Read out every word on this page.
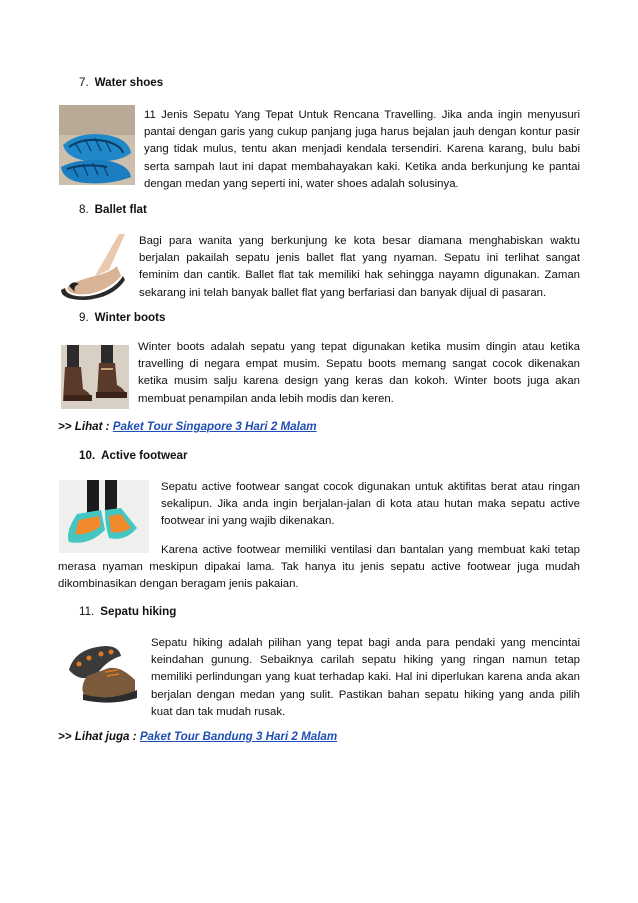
7. Water shoes
11 Jenis Sepatu Yang Tepat Untuk Rencana Travelling. Jika anda ingin menyusuri pantai dengan garis yang cukup panjang juga harus bejalan jauh dengan kontur pasir yang tidak mulus, tentu akan menjadi kendala tersendiri. Karena karang, bulu babi serta sampah laut ini dapat membahayakan kaki. Ketika anda berkunjung ke pantai dengan medan yang seperti ini, water shoes adalah solusinya.
8. Ballet flat
Bagi para wanita yang berkunjung ke kota besar diamana menghabiskan waktu berjalan pakailah sepatu jenis ballet flat yang nyaman. Sepatu ini terlihat sangat feminim dan cantik. Ballet flat tak memiliki hak sehingga nayamn digunakan. Zaman sekarang ini telah banyak ballet flat yang berfariasi dan banyak dijual di pasaran.
9. Winter boots
Winter boots adalah sepatu yang tepat digunakan ketika musim dingin atau ketika travelling di negara empat musim. Sepatu boots memang sangat cocok dikenakan ketika musim salju karena design yang keras dan kokoh. Winter boots juga akan membuat penampilan anda lebih modis dan keren.
>> Lihat : Paket Tour Singapore 3 Hari 2 Malam
10. Active footwear
Sepatu active footwear sangat cocok digunakan untuk aktifitas berat atau ringan sekalipun. Jika anda ingin berjalan-jalan di kota atau hutan maka sepatu active footwear ini yang wajib dikenakan.
Karena active footwear memiliki ventilasi dan bantalan yang membuat kaki tetap merasa nyaman meskipun dipakai lama. Tak hanya itu jenis sepatu active footwear juga mudah dikombinasikan dengan beragam jenis pakaian.
11. Sepatu hiking
Sepatu hiking adalah pilihan yang tepat bagi anda para pendaki yang mencintai keindahan gunung. Sebaiknya carilah sepatu hiking yang ringan namun tetap memiliki perlindungan yang kuat terhadap kaki. Hal ini diperlukan karena anda akan berjalan dengan medan yang sulit. Pastikan bahan sepatu hiking yang anda pilih kuat dan tak mudah rusak.
>> Lihat juga : Paket Tour Bandung 3 Hari 2 Malam
